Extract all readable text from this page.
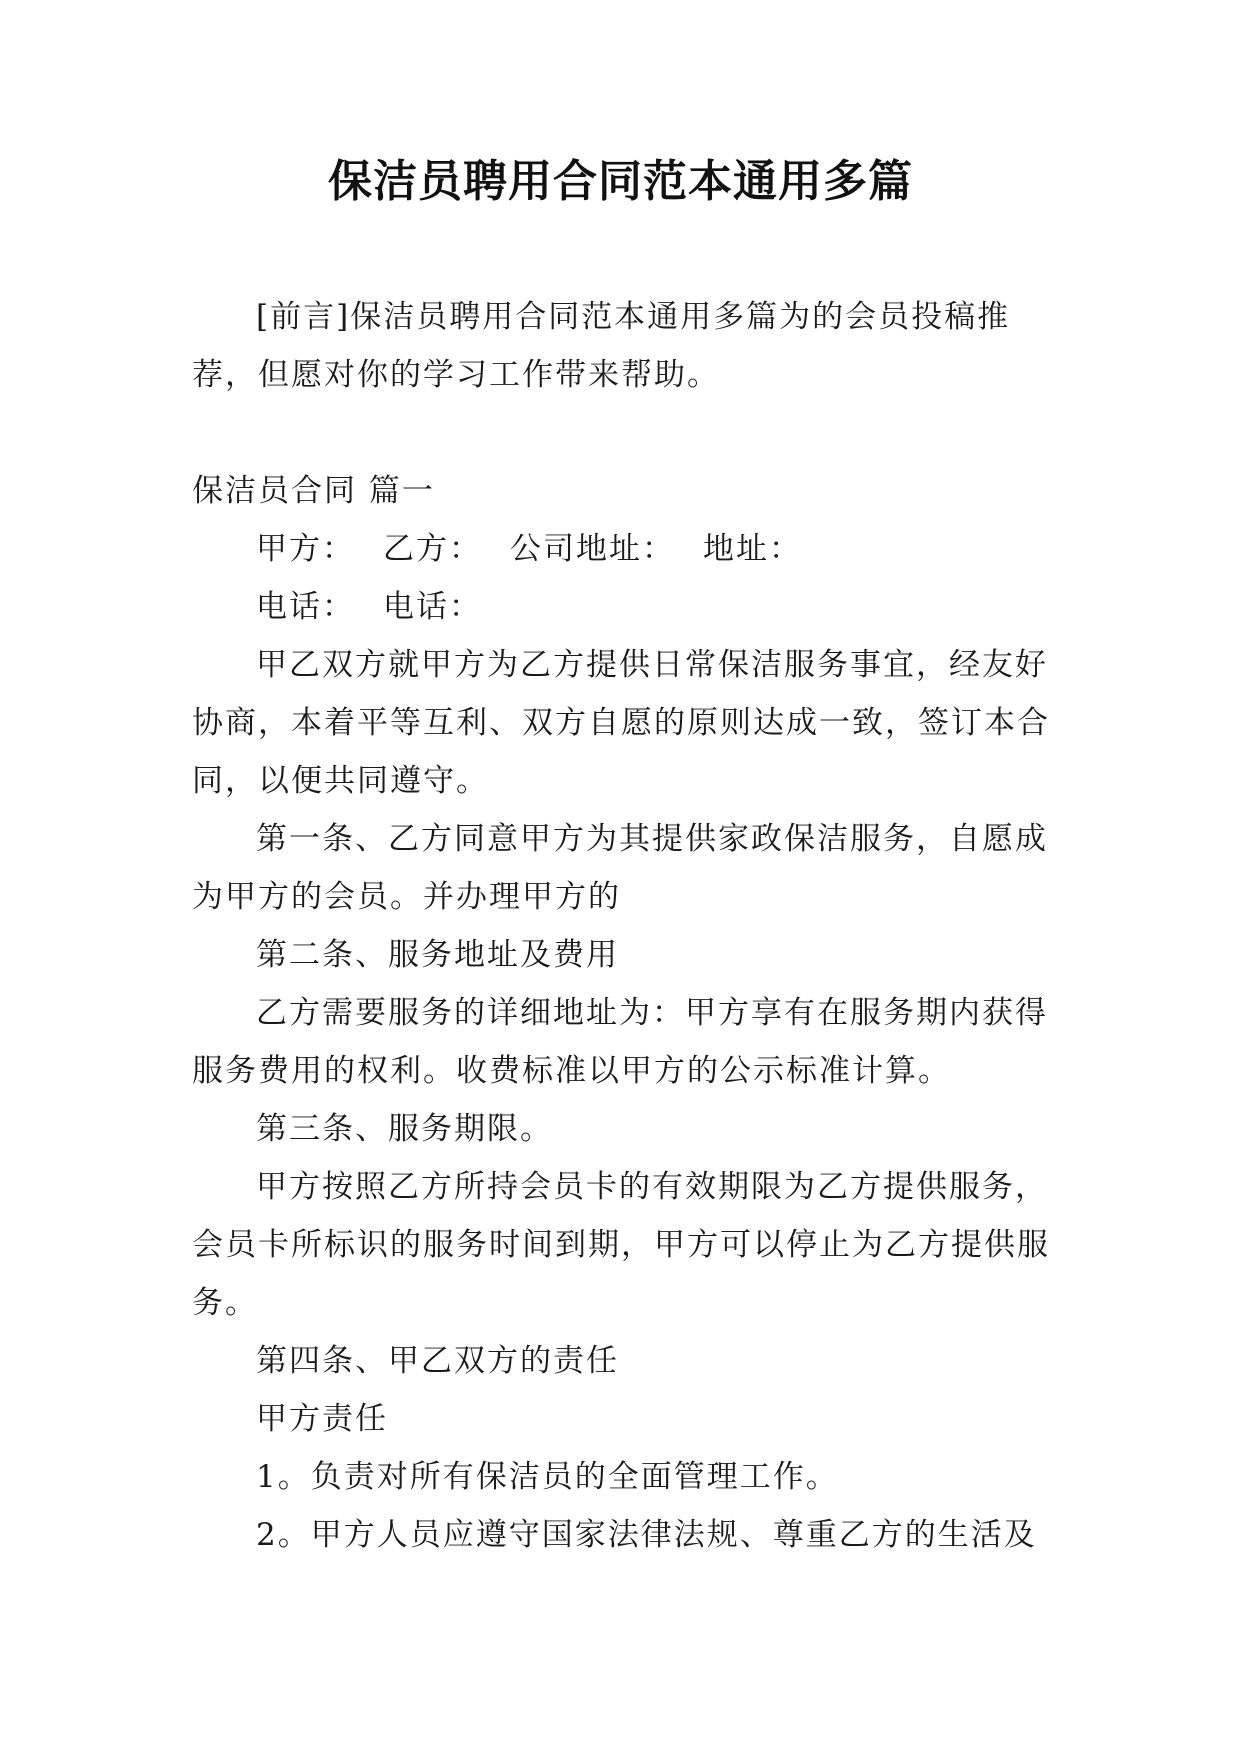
保洁员聘用合同范本通用多篇
[前言]保洁员聘用合同范本通用多篇为的会员投稿推荐，但愿对你的学习工作带来帮助。
保洁员合同 篇一

甲方： 乙方： 公司地址： 地址：

电话： 电话：

甲乙双方就甲方为乙方提供日常保洁服务事宜，经友好协商，本着平等互利、双方自愿的原则达成一致，签订本合同，以便共同遵守。

第一条、乙方同意甲方为其提供家政保洁服务，自愿成为甲方的会员。并办理甲方的

第二条、服务地址及费用

乙方需要服务的详细地址为：甲方享有在服务期内获得服务费用的权利。收费标准以甲方的公示标准计算。

第三条、服务期限。

甲方按照乙方所持会员卡的有效期限为乙方提供服务，会员卡所标识的服务时间到期，甲方可以停止为乙方提供服务。

第四条、甲乙双方的责任

甲方责任

1。负责对所有保洁员的全面管理工作。

2。甲方人员应遵守国家法律法规、尊重乙方的生活及
